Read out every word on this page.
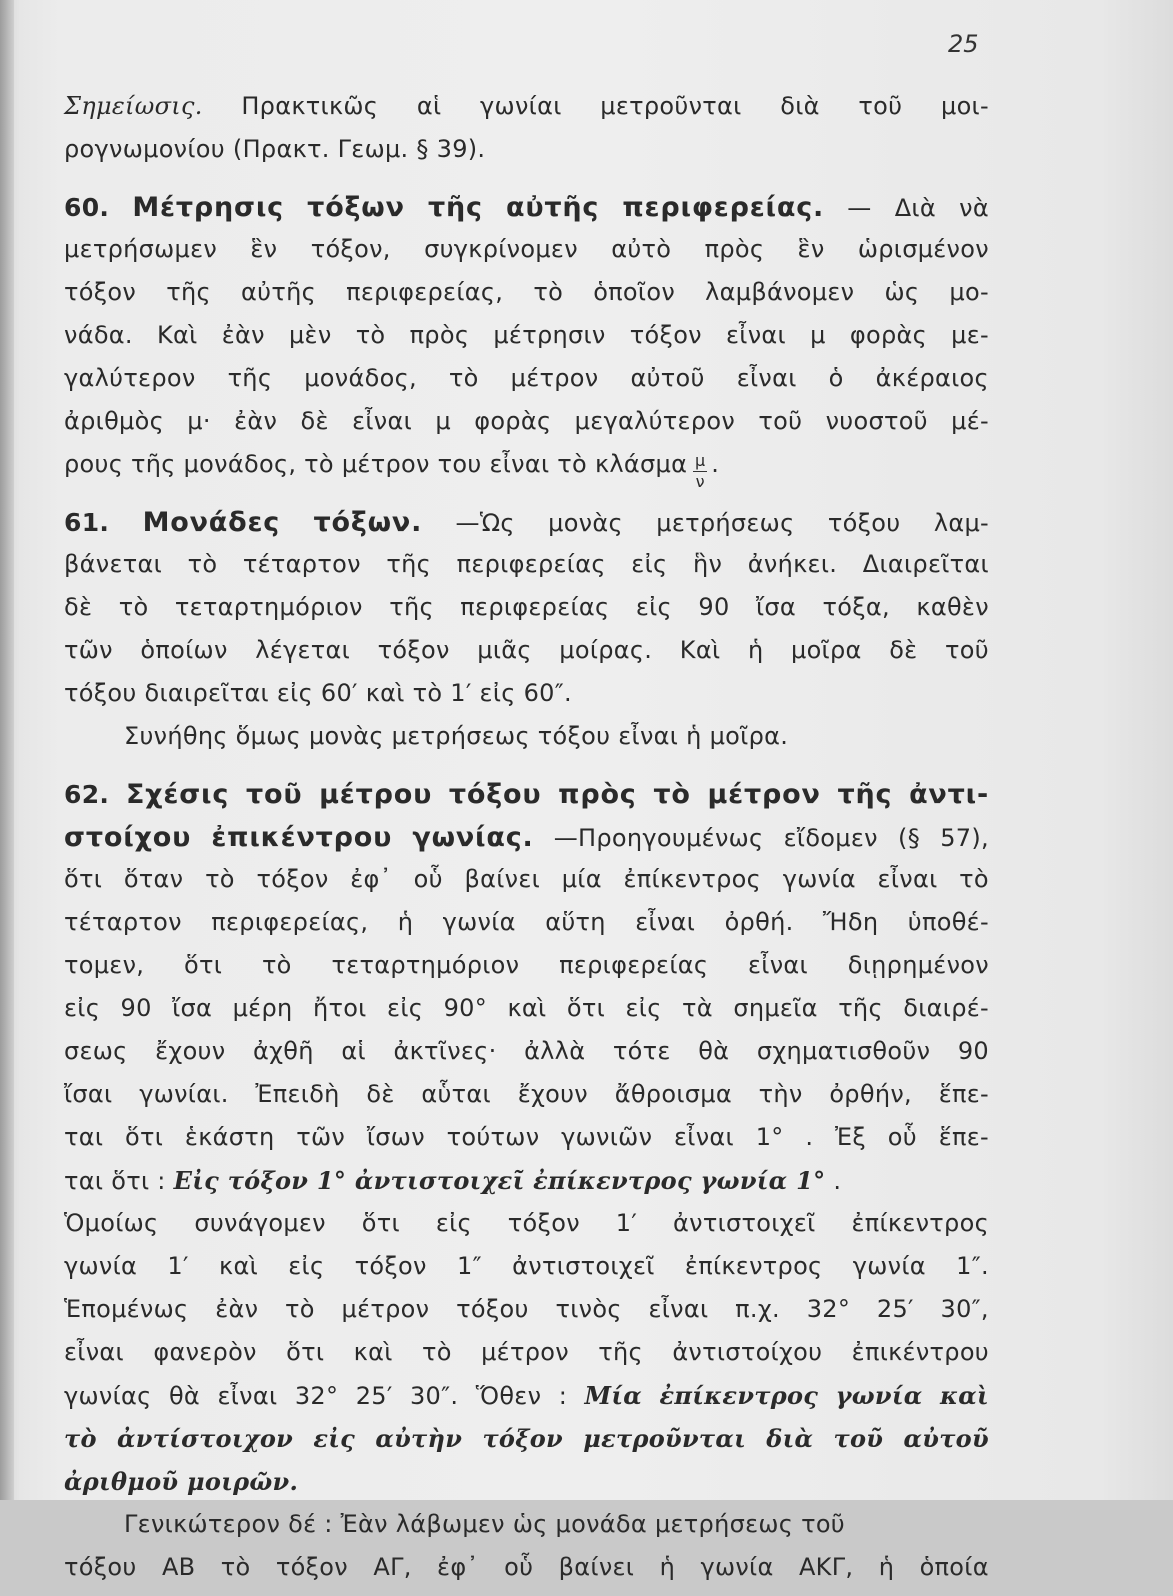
25
Σημείωσις. Πρακτικῶς αἱ γωνίαι μετροῦνται διὰ τοῦ μοι-
ρογνωμονίου (Πρακτ. Γεωμ. § 39).
60. Μέτρησις τόξων τῆς αὐτῆς περιφερείας. — Διὰ νὰ
μετρήσωμεν ἓν τόξον, συγκρίνομεν αὐτὸ πρὸς ἓν ὡρισμένον
τόξον τῆς αὐτῆς περιφερείας, τὸ ὁποῖον λαμβάνομεν ὡς μο-
νάδα. Καὶ ἐὰν μὲν τὸ πρὸς μέτρησιν τόξον εἶναι μ φορὰς με-
γαλύτερον τῆς μονάδος, τὸ μέτρον αὐτοῦ εἶναι ὁ ἀκέραιος
ἀριθμὸς μ· ἐὰν δὲ εἶναι μ φορὰς μεγαλύτερον τοῦ νυοστοῦ μέ-
ρους τῆς μονάδος, τὸ μέτρον του εἶναι τὸ κλάσμα $\frac{\mu}{\nu}$ .
61. Μονάδες τόξων. —Ὡς μονὰς μετρήσεως τόξου λαμ-
βάνεται τὸ τέταρτον τῆς περιφερείας εἰς ἣν ἀνήκει. Διαιρεῖται
δὲ τὸ τεταρτημόριον τῆς περιφερείας εἰς 90 ἴσα τόξα, καθὲν
τῶν ὁποίων λέγεται τόξον μιᾶς μοίρας. Καὶ ἡ μοῖρα δὲ τοῦ
τόξου διαιρεῖται εἰς 60′ καὶ τὸ 1′ εἰς 60″.
Συνήθης ὅμως μονὰς μετρήσεως τόξου εἶναι ἡ μοῖρα.
62. Σχέσις τοῦ μέτρου τόξου πρὸς τὸ μέτρον τῆς ἀντι-
στοίχου ἐπικέντρου γωνίας. —Προηγουμένως εἴδομεν (§ 57),
ὅτι ὅταν τὸ τόξον ἐφ᾽ οὗ βαίνει μία ἐπίκεντρος γωνία εἶναι τὸ
τέταρτον περιφερείας, ἡ γωνία αὕτη εἶναι ὀρθή. Ἤδη ὑποθέ-
τομεν, ὅτι τὸ τεταρτημόριον περιφερείας εἶναι διῃρημένον
εἰς 90 ἴσα μέρη ἤτοι εἰς 90° καὶ ὅτι εἰς τὰ σημεῖα τῆς διαιρέ-
σεως ἔχουν ἀχθῆ αἱ ἀκτῖνες· ἀλλὰ τότε θὰ σχηματισθοῦν 90
ἴσαι γωνίαι. Ἐπειδὴ δὲ αὗται ἔχουν ἄθροισμα τὴν ὀρθήν, ἕπε-
ται ὅτι ἑκάστη τῶν ἴσων τούτων γωνιῶν εἶναι 1° . Ἐξ οὗ ἕπε-
ται ὅτι : Εἰς τόξον 1° ἀντιστοιχεῖ ἐπίκεντρος γωνία 1° .
Ὁμοίως συνάγομεν ὅτι εἰς τόξον 1′ ἀντιστοιχεῖ ἐπίκεντρος
γωνία 1′ καὶ εἰς τόξον 1″ ἀντιστοιχεῖ ἐπίκεντρος γωνία 1″.
Ἑπομένως ἐὰν τὸ μέτρον τόξου τινὸς εἶναι π.χ. 32° 25′ 30″,
εἶναι φανερὸν ὅτι καὶ τὸ μέτρον τῆς ἀντιστοίχου ἐπικέντρου
γωνίας θὰ εἶναι 32° 25′ 30″. Ὅθεν : Μία ἐπίκεντρος γωνία καὶ
τὸ ἀντίστοιχον εἰς αὐτὴν τόξον μετροῦνται διὰ τοῦ αὐτοῦ
ἀριθμοῦ μοιρῶν.
Γενικώτερον δέ : Ἐὰν λάβωμεν ὡς μονάδα μετρήσεως τοῦ
τόξου ΑΒ τὸ τόξον ΑΓ, ἐφ᾽ οὗ βαίνει ἡ γωνία ΑΚΓ, ἡ ὁποία
